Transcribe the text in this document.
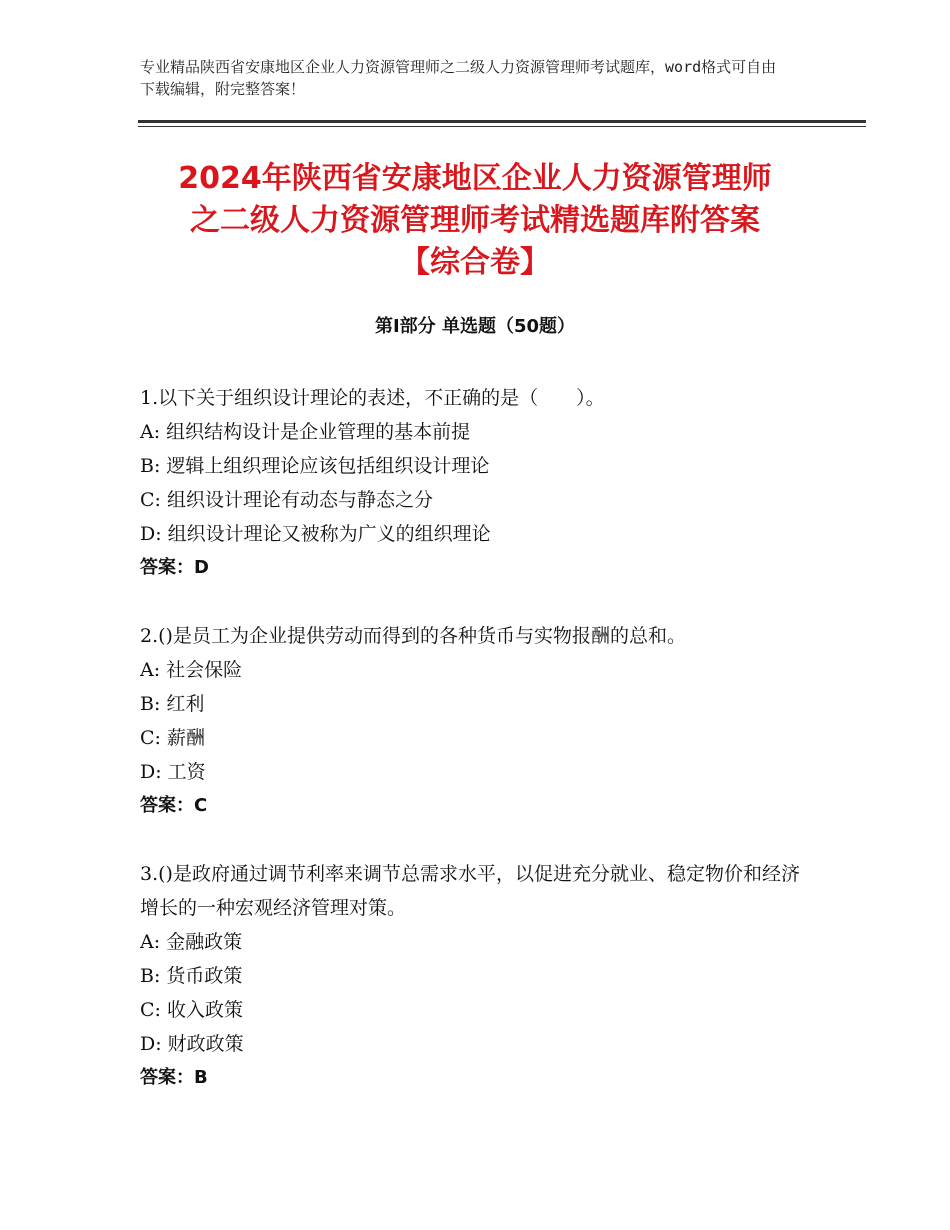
专业精品陕西省安康地区企业人力资源管理师之二级人力资源管理师考试题库，word格式可自由下载编辑，附完整答案！
2024年陕西省安康地区企业人力资源管理师
之二级人力资源管理师考试精选题库附答案
【综合卷】
第Ⅰ部分 单选题（50题）
1.以下关于组织设计理论的表述，不正确的是（　　）。
A: 组织结构设计是企业管理的基本前提
B: 逻辑上组织理论应该包括组织设计理论
C: 组织设计理论有动态与静态之分
D: 组织设计理论又被称为广义的组织理论
答案：D
2.()是员工为企业提供劳动而得到的各种货币与实物报酬的总和。
A: 社会保险
B: 红利
C: 薪酬
D: 工资
答案：C
3.()是政府通过调节利率来调节总需求水平，以促进充分就业、稳定物价和经济增长的一种宏观经济管理对策。
A: 金融政策
B: 货币政策
C: 收入政策
D: 财政政策
答案：B
